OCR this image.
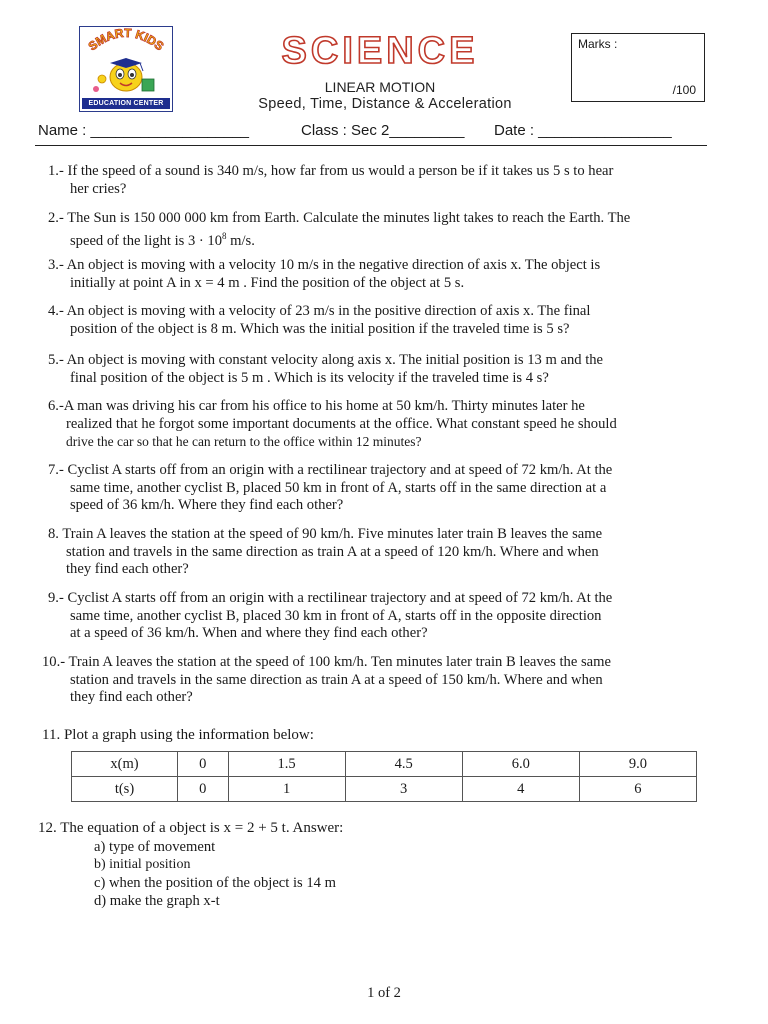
SMART KIDS
EDUCATION CENTER
SCIENCE
LINEAR MOTION
Speed, Time, Distance & Acceleration
Marks :
/100
Name : ___________________	Class : Sec 2_________ Date : ________________
1.- If the speed of a sound is 340 m/s, how far from us would a person be if it takes us 5 s to hear
her cries?
2.- The Sun is 150 000 000 km from Earth. Calculate the minutes light takes to reach the Earth. The
speed of the light is $3 \cdot 10^8$ m/s.
3.- An object is moving with a velocity 10 m/s in the negative direction of axis x. The object is
initially at point A in x = 4 m . Find the position of the object at 5 s.
4.- An object is moving with a velocity of 23 m/s in the positive direction of axis x. The final
position of the object is 8 m. Which was the initial position if the traveled time is 5 s?
5.- An object is moving with constant velocity along axis x. The initial position is 13 m and the
final position of the object is 5 m . Which is its velocity if the traveled time is 4 s?
6.-A man was driving his car from his office to his home at 50 km/h. Thirty minutes later he
realized that he forgot some important documents at the office. What constant speed he should
drive the car so that he can return to the office within 12 minutes?
7.- Cyclist A starts off from an origin with a rectilinear trajectory and at speed of 72 km/h. At the
same time, another cyclist B, placed 50 km in front of A, starts off in the same direction at a
speed of 36 km/h. Where they find each other?
8. Train A leaves the station at the speed of 90 km/h. Five minutes later train B leaves the same
station and travels in the same direction as train A at a speed of 120 km/h. Where and when
they find each other?
9.- Cyclist A starts off from an origin with a rectilinear trajectory and at speed of 72 km/h. At the
same time, another cyclist B, placed 30 km in front of A, starts off in the opposite direction
at a speed of 36 km/h. When and where they find each other?
10.- Train A leaves the station at the speed of 100 km/h. Ten minutes later train B leaves the same
station and travels in the same direction as train A at a speed of 150 km/h. Where and when
they find each other?
11. Plot a graph using the information below:
x(m)	0	1.5	4.5	6.0	9.0
t(s)	0	1	3	4	6
12. The equation of a object is x = 2 + 5 t. Answer:
a) type of movement
b) initial position
c) when the position of the object is 14 m
d) make the graph x-t
1 of 2
